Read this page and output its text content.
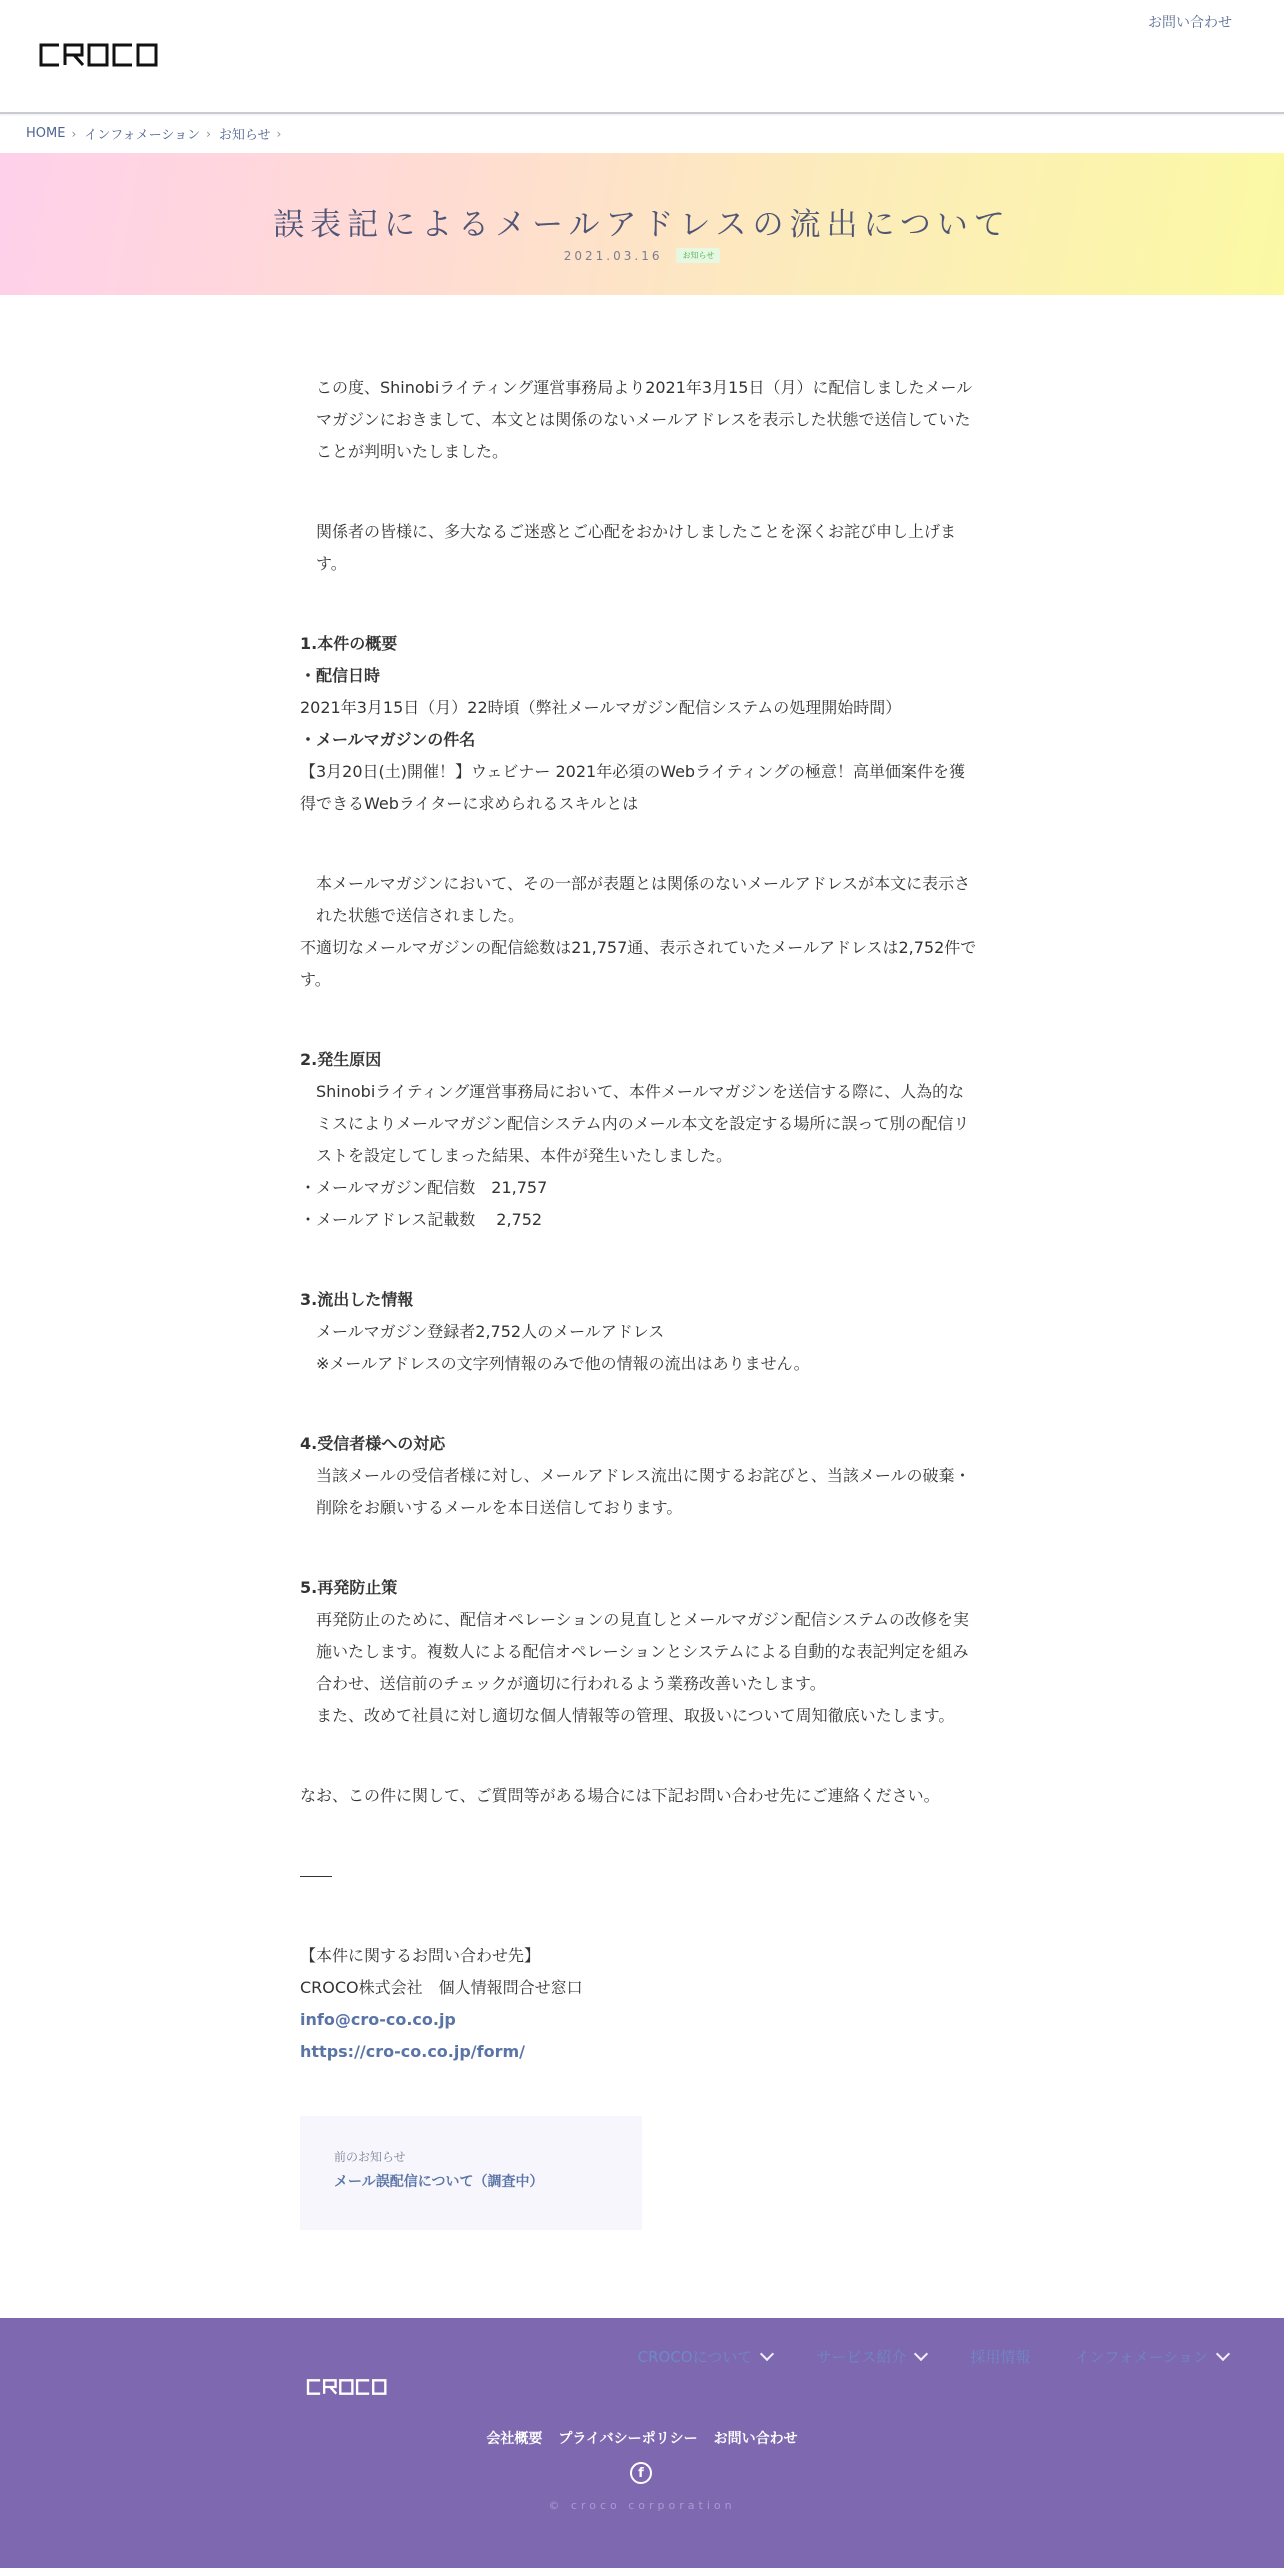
お問い合わせ
HOME › インフォメーション › お知らせ ›
誤表記によるメールアドレスの流出について
2021.03.16	お知らせ

この度、Shinobiライティング運営事務局より2021年3月15日（月）に配信しましたメールマガジンにおきまして、本文とは関係のないメールアドレスを表示した状態で送信していたことが判明いたしました。

関係者の皆様に、多大なるご迷惑とご心配をおかけしましたことを深くお詫び申し上げます。

1.本件の概要

・配信日時

2021年3月15日（月）22時頃（弊社メールマガジン配信システムの処理開始時間）

・メールマガジンの件名

【3月20日(土)開催！】ウェビナー 2021年必須のWebライティングの極意！高単価案件を獲得できるWebライターに求められるスキルとは

本メールマガジンにおいて、その一部が表題とは関係のないメールアドレスが本文に表示された状態で送信されました。

不適切なメールマガジンの配信総数は21,757通、表示されていたメールアドレスは2,752件です。

2.発生原因

Shinobiライティング運営事務局において、本件メールマガジンを送信する際に、人為的なミスによりメールマガジン配信システム内のメール本文を設定する場所に誤って別の配信リストを設定してしまった結果、本件が発生いたしました。

・メールマガジン配信数　21,757

・メールアドレス記載数　 2,752

3.流出した情報

メールマガジン登録者2,752人のメールアドレス

※メールアドレスの文字列情報のみで他の情報の流出はありません。

4.受信者様への対応

当該メールの受信者様に対し、メールアドレス流出に関するお詫びと、当該メールの破棄・削除をお願いするメールを本日送信しております。

5.再発防止策

再発防止のために、配信オペレーションの見直しとメールマガジン配信システムの改修を実施いたします。複数人による配信オペレーションとシステムによる自動的な表記判定を組み合わせ、送信前のチェックが適切に行われるよう業務改善いたします。

また、改めて社員に対し適切な個人情報等の管理、取扱いについて周知徹底いたします。

なお、この件に関して、ご質問等がある場合には下記お問い合わせ先にご連絡ください。

【本件に関するお問い合わせ先】

CROCO株式会社　個人情報問合せ窓口

info@cro-co.co.jp

https://cro-co.co.jp/form/

前のお知らせ
メール誤配信について（調査中）
CROCOについて	サービス紹介	採用情報	インフォメーション
会社概要 プライバシーポリシー お問い合わせ
f
© croco corporation
